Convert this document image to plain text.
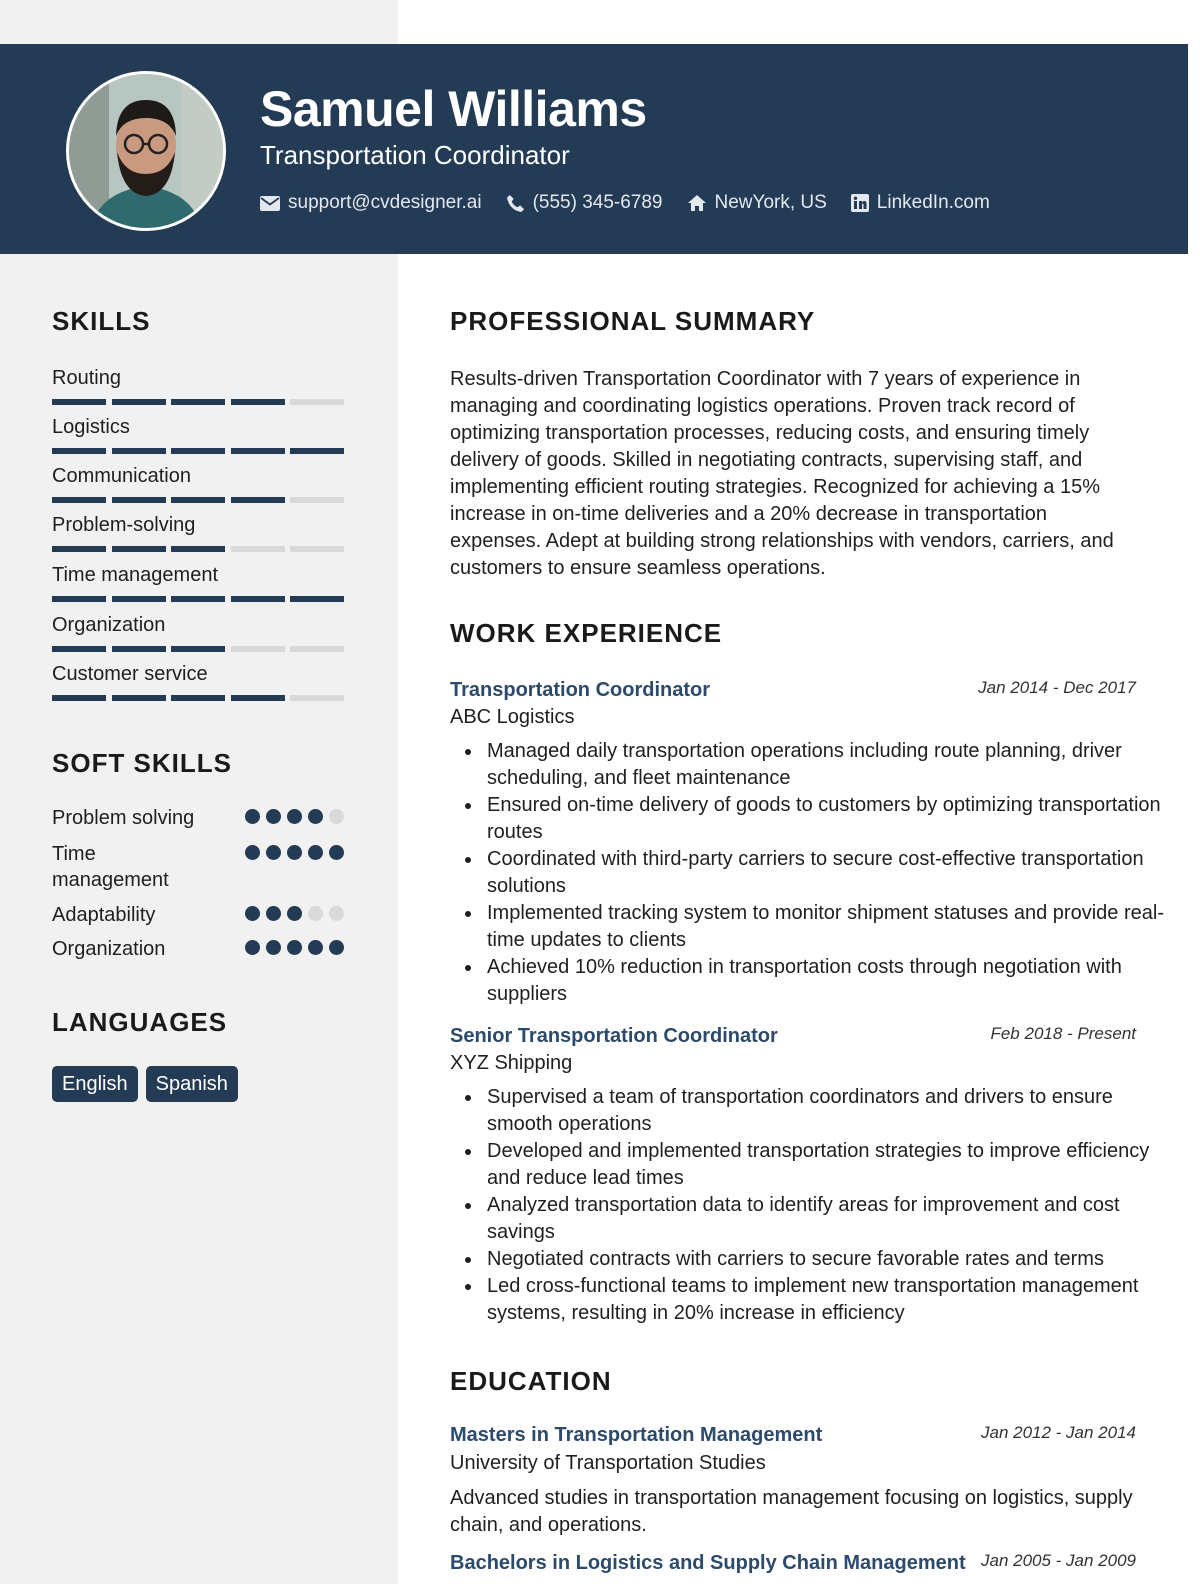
Samuel Williams

Transportation Coordinator

support@cvdesigner.ai	(555) 345-6789	NewYork, US	LinkedIn.com
SKILLS
Routing
Logistics
Communication
Problem-solving
Time management
Organization
Customer service
SOFT SKILLS
Problem solving
Time management
Adaptability
Organization
LANGUAGES
English	Spanish
PROFESSIONAL SUMMARY

Results-driven Transportation Coordinator with 7 years of experience in managing and coordinating logistics operations. Proven track record of optimizing transportation processes, reducing costs, and ensuring timely delivery of goods. Skilled in negotiating contracts, supervising staff, and implementing efficient routing strategies. Recognized for achieving a 15% increase in on-time deliveries and a 20% decrease in transportation expenses. Adept at building strong relationships with vendors, carriers, and customers to ensure seamless operations.

WORK EXPERIENCE

Transportation Coordinator	Jan 2014 - Dec 2017
ABC Logistics
Managed daily transportation operations including route planning, driver scheduling, and fleet maintenance
Ensured on-time delivery of goods to customers by optimizing transportation routes
Coordinated with third-party carriers to secure cost-effective transportation solutions
Implemented tracking system to monitor shipment statuses and provide real-time updates to clients
Achieved 10% reduction in transportation costs through negotiation with suppliers

Senior Transportation Coordinator	Feb 2018 - Present
XYZ Shipping
Supervised a team of transportation coordinators and drivers to ensure smooth operations
Developed and implemented transportation strategies to improve efficiency and reduce lead times
Analyzed transportation data to identify areas for improvement and cost savings
Negotiated contracts with carriers to secure favorable rates and terms
Led cross-functional teams to implement new transportation management systems, resulting in 20% increase in efficiency
EDUCATION

Masters in Transportation Management	Jan 2012 - Jan 2014
University of Transportation Studies

Advanced studies in transportation management focusing on logistics, supply chain, and operations.

Bachelors in Logistics and Supply Chain Management Jan 2005 - Jan 2009
